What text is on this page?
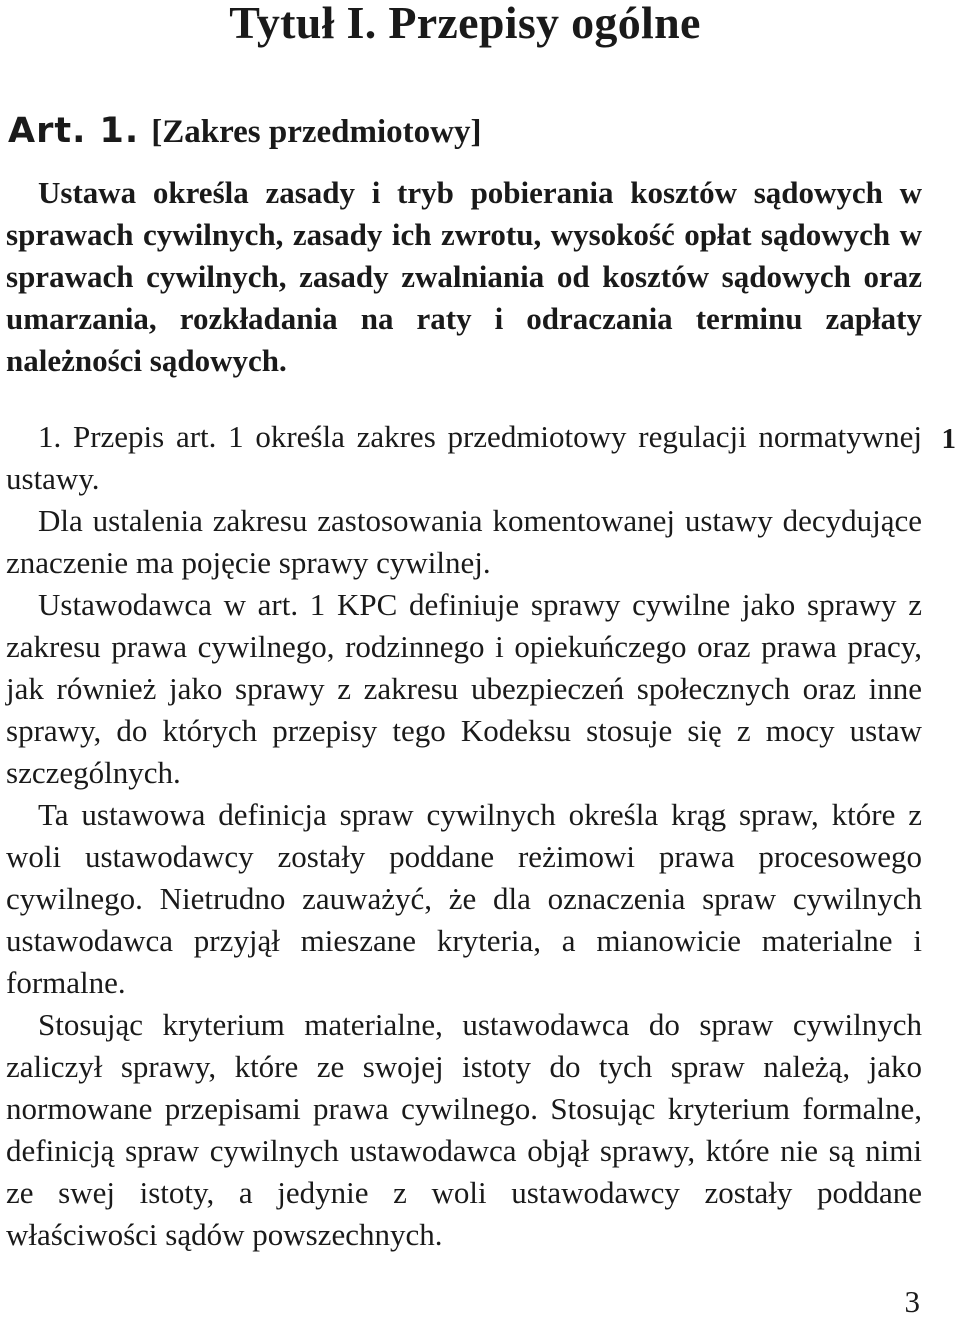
Tytuł I. Przepisy ogólne
Art. 1. [Zakres przedmiotowy]

Ustawa określa zasady i tryb pobierania kosztów sądowych w sprawach cywilnych, zasady ich zwrotu, wysokość opłat sądowych w sprawach cywilnych, zasady zwalniania od kosztów sądowych oraz umarzania, rozkładania na raty i odraczania terminu zapłaty należności sądowych.

1

1. Przepis art. 1 określa zakres przedmiotowy regulacji normatywnej ustawy.

Dla ustalenia zakresu zastosowania komentowanej ustawy decydujące znaczenie ma pojęcie sprawy cywilnej.

Ustawodawca w art. 1 KPC definiuje sprawy cywilne jako sprawy z zakresu prawa cywilnego, rodzinnego i opiekuńczego oraz prawa pracy, jak również jako sprawy z zakresu ubezpieczeń społecznych oraz inne sprawy, do których przepisy tego Kodeksu stosuje się z mocy ustaw szczególnych.

Ta ustawowa definicja spraw cywilnych określa krąg spraw, które z woli ustawodawcy zostały poddane reżimowi prawa procesowego cywilnego. Nietrudno zauważyć, że dla oznaczenia spraw cywilnych ustawodawca przyjął mieszane kryteria, a mianowicie materialne i formalne.

Stosując kryterium materialne, ustawodawca do spraw cywilnych zaliczył sprawy, które ze swojej istoty do tych spraw należą, jako normowane przepisami prawa cywilnego. Stosując kryterium formalne, definicją spraw cywilnych ustawodawca objął sprawy, które nie są nimi ze swej istoty, a jedynie z woli ustawodawcy zostały poddane właściwości sądów powszechnych.

3
